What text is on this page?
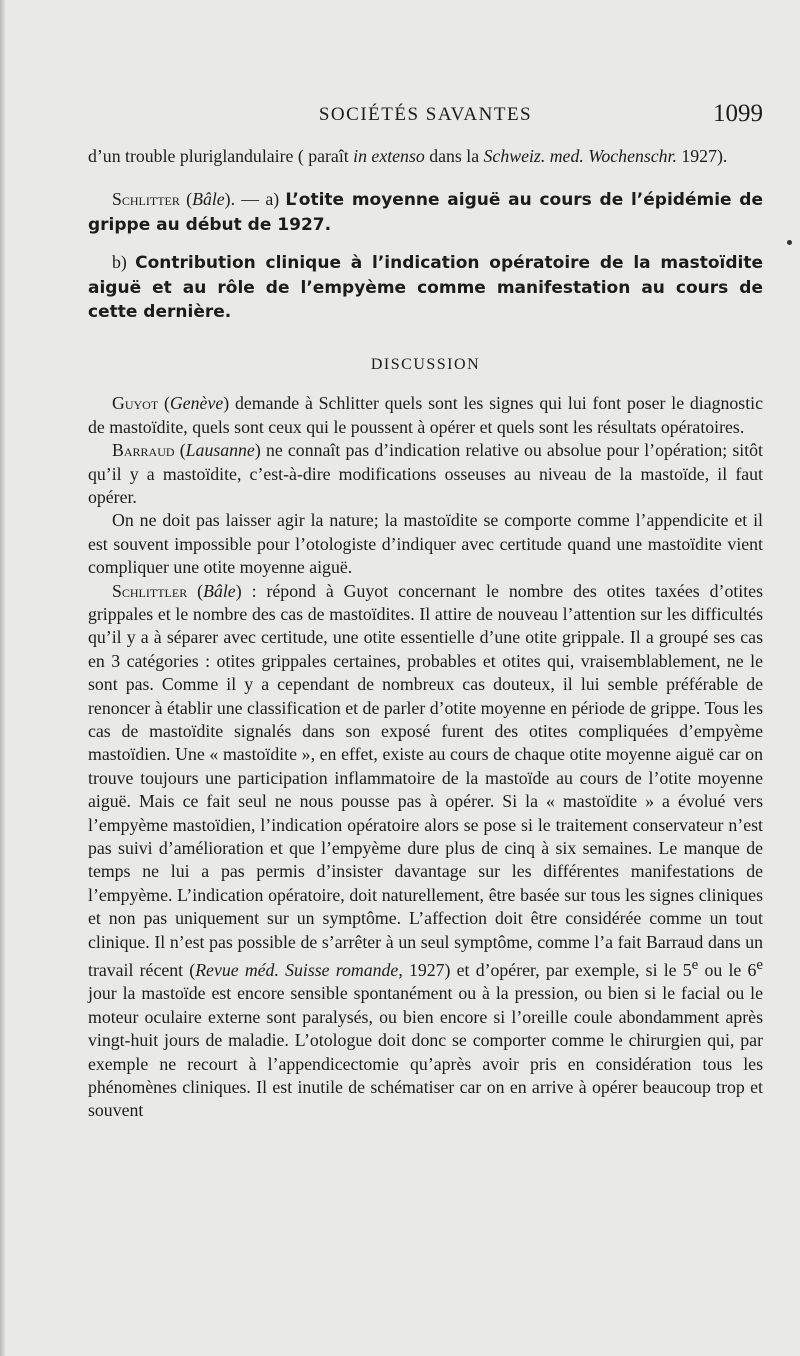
SOCIÉTÉS SAVANTES	1099

d’un trouble pluriglandulaire ( paraît in extenso dans la Schweiz. med. Wochenschr. 1927).

Schlitter (Bâle). — a) L’otite moyenne aiguë au cours de l’épidémie de grippe au début de 1927.

b) Contribution clinique à l’indication opératoire de la mastoïdite aiguë et au rôle de l’empyème comme manifestation au cours de cette dernière.

DISCUSSION

Guyot (Genève) demande à Schlitter quels sont les signes qui lui font poser le diagnostic de mastoïdite, quels sont ceux qui le poussent à opérer et quels sont les résultats opératoires.

Barraud (Lausanne) ne connaît pas d’indication relative ou absolue pour l’opération; sitôt qu’il y a mastoïdite, c’est-à-dire modifications osseuses au niveau de la mastoïde, il faut opérer.

On ne doit pas laisser agir la nature; la mastoïdite se comporte comme l’appendicite et il est souvent impossible pour l’otologiste d’indiquer avec certitude quand une mastoïdite vient compliquer une otite moyenne aiguë.

Schlittler (Bâle) : répond à Guyot concernant le nombre des otites taxées d’otites grippales et le nombre des cas de mastoïdites. Il attire de nouveau l’attention sur les difficultés qu’il y a à séparer avec certitude, une otite essentielle d’une otite grippale. Il a groupé ses cas en 3 catégories : otites grippales certaines, probables et otites qui, vraisemblablement, ne le sont pas. Comme il y a cependant de nombreux cas douteux, il lui semble préférable de renoncer à établir une classification et de parler d’otite moyenne en période de grippe. Tous les cas de mastoïdite signalés dans son exposé furent des otites compliquées d’empyème mastoïdien. Une « mastoïdite », en effet, existe au cours de chaque otite moyenne aiguë car on trouve toujours une participation inflammatoire de la mastoïde au cours de l’otite moyenne aiguë. Mais ce fait seul ne nous pousse pas à opérer. Si la « mastoïdite » a évolué vers l’empyème mastoïdien, l’indication opératoire alors se pose si le traitement conservateur n’est pas suivi d’amélioration et que l’empyème dure plus de cinq à six semaines. Le manque de temps ne lui a pas permis d’insister davantage sur les différentes manifestations de l’empyème. L’indication opératoire, doit naturellement, être basée sur tous les signes cliniques et non pas uniquement sur un symptôme. L’affection doit être considérée comme un tout clinique. Il n’est pas possible de s’arrêter à un seul symptôme, comme l’a fait Barraud dans un travail récent (Revue méd. Suisse romande, 1927) et d’opérer, par exemple, si le 5e ou le 6e jour la mastoïde est encore sensible spontanément ou à la pression, ou bien si le facial ou le moteur oculaire externe sont paralysés, ou bien encore si l’oreille coule abondamment après vingt-huit jours de maladie. L’otologue doit donc se comporter comme le chirurgien qui, par exemple ne recourt à l’appendicectomie qu’après avoir pris en considération tous les phénomènes cliniques. Il est inutile de schématiser car on en arrive à opérer beaucoup trop et souvent
